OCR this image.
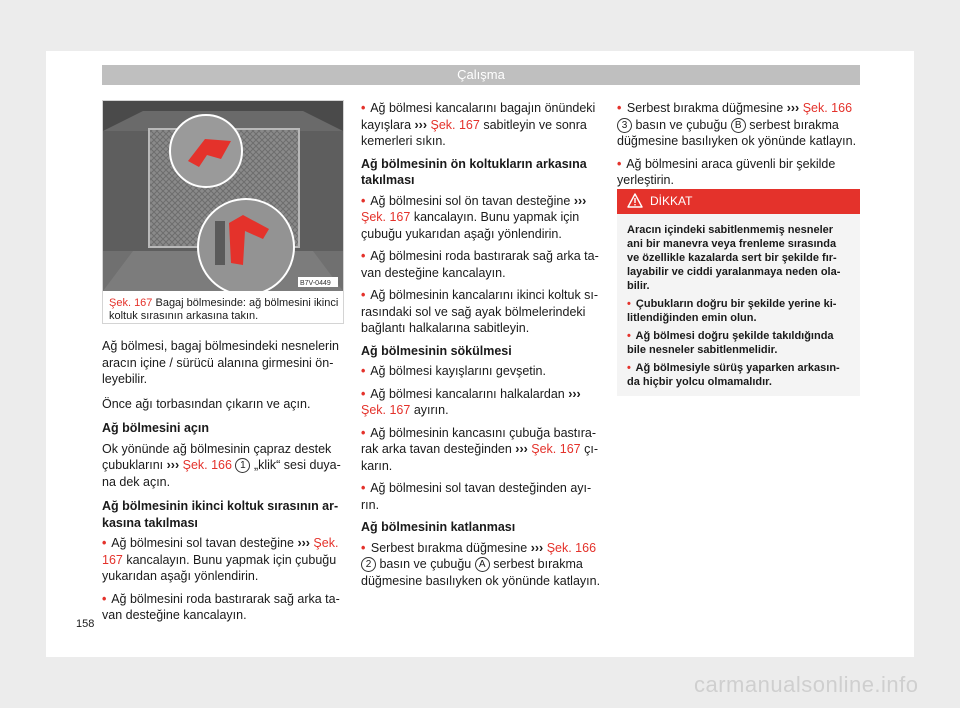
Çalışma
B7V-0449
Şek. 167 Bagaj bölmesinde: ağ bölmesini ikinci koltuk sırasının arkasına takın.

Ağ bölmesi, bagaj bölmesindeki nesnelerin aracın içine / sürücü alanına girmesini ön- leyebilir.

Önce ağı torbasından çıkarın ve açın.

Ağ bölmesini açın

Ok yönünde ağ bölmesinin çapraz destek çubuklarını ››› Şek. 166 1 „klik“ sesi duya- na dek açın.

Ağ bölmesinin ikinci koltuk sırasının ar- kasına takılması

• Ağ bölmesini sol tavan desteğine ››› Şek. 167 kancalayın. Bunu yapmak için çubuğu yukarıdan aşağı yönlendirin.

• Ağ bölmesini roda bastırarak sağ arka ta- van desteğine kancalayın.

• Ağ bölmesi kancalarını bagajın önündeki kayışlara ››› Şek. 167 sabitleyin ve sonra kemerleri sıkın.

Ağ bölmesinin ön koltukların arkasına takılması

• Ağ bölmesini sol ön tavan desteğine ››› Şek. 167 kancalayın. Bunu yapmak için çubuğu yukarıdan aşağı yönlendirin.

• Ağ bölmesini roda bastırarak sağ arka ta- van desteğine kancalayın.

• Ağ bölmesinin kancalarını ikinci koltuk sı- rasındaki sol ve sağ ayak bölmelerindeki bağlantı halkalarına sabitleyin.

Ağ bölmesinin sökülmesi

• Ağ bölmesi kayışlarını gevşetin.

• Ağ bölmesi kancalarını halkalardan ››› Şek. 167 ayırın.

• Ağ bölmesinin kancasını çubuğa bastıra- rak arka tavan desteğinden ››› Şek. 167 çı- karın.

• Ağ bölmesini sol tavan desteğinden ayı- rın.

Ağ bölmesinin katlanması

• Serbest bırakma düğmesine ››› Şek. 166 2 basın ve çubuğu A serbest bırakma düğmesine basılıyken ok yönünde katlayın.

• Serbest bırakma düğmesine ››› Şek. 166 3 basın ve çubuğu B serbest bırakma düğmesine basılıyken ok yönünde katlayın.

• Ağ bölmesini araca güvenli bir şekilde yerleştirin.

DİKKAT

Aracın içindeki sabitlenmemiş nesneler ani bir manevra veya frenleme sırasında ve özellikle kazalarda sert bir şekilde fır- layabilir ve ciddi yaralanmaya neden ola- bilir.

• Çubukların doğru bir şekilde yerine ki- litlendiğinden emin olun.

• Ağ bölmesi doğru şekilde takıldığında bile nesneler sabitlenmelidir.

• Ağ bölmesiyle sürüş yaparken arkasın- da hiçbir yolcu olmamalıdır.

158
carmanualsonline.info
